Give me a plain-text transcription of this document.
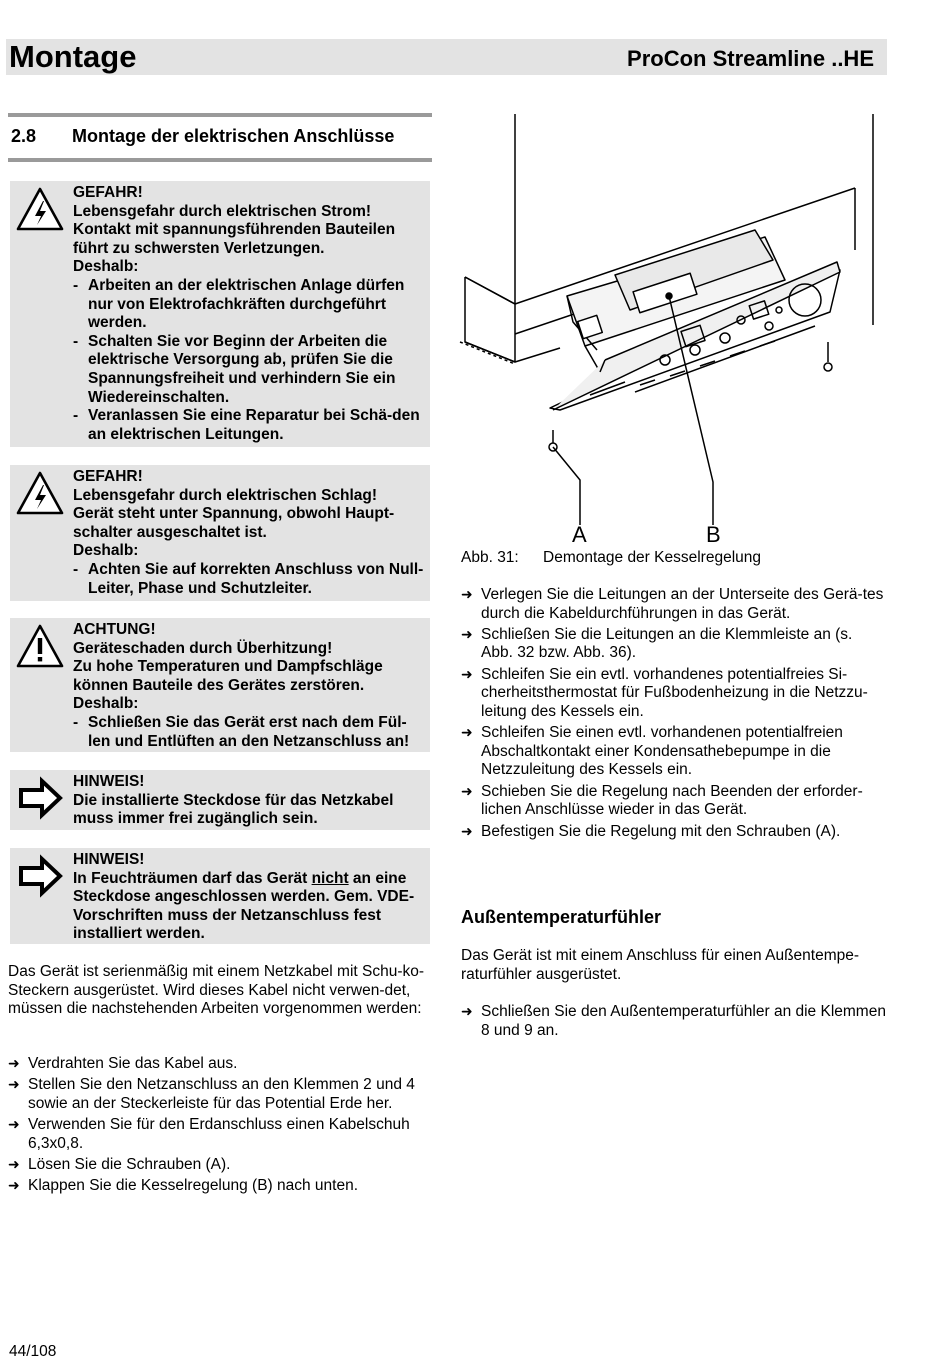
Montage	ProCon Streamline ..HE
2.8 Montage der elektrischen Anschlüsse
GEFAHR!
Lebensgefahr durch elektrischen Strom!
Kontakt mit spannungsführenden Bauteilen
führt zu schwersten Verletzungen.
Deshalb:
- Arbeiten an der elektrischen Anlage dürfen nur von Elektrofachkräften durchgeführt werden.
- Schalten Sie vor Beginn der Arbeiten die elektrische Versorgung ab, prüfen Sie die Spannungsfreiheit und verhindern Sie ein Wiedereinschalten.
- Veranlassen Sie eine Reparatur bei Schä-den an elektrischen Leitungen.
GEFAHR!
Lebensgefahr durch elektrischen Schlag!
Gerät steht unter Spannung, obwohl Haupt-
schalter ausgeschaltet ist.
Deshalb:
- Achten Sie auf korrekten Anschluss von Null-Leiter, Phase und Schutzleiter.
ACHTUNG!
Geräteschaden durch Überhitzung!
Zu hohe Temperaturen und Dampfschläge
können Bauteile des Gerätes zerstören.
Deshalb:
- Schließen Sie das Gerät erst nach dem Fül-len und Entlüften an den Netzanschluss an!
HINWEIS!
Die installierte Steckdose für das Netzkabel
muss immer frei zugänglich sein.
HINWEIS!
In Feuchträumen darf das Gerät nicht an eine Steckdose angeschlossen werden. Gem. VDE-Vorschriften muss der Netzanschluss fest installiert werden.
Das Gerät ist serienmäßig mit einem Netzkabel mit Schu-ko-Steckern ausgerüstet. Wird dieses Kabel nicht verwen-det, müssen die nachstehenden Arbeiten vorgenommen werden:
➜ Verdrahten Sie das Kabel aus.
➜ Stellen Sie den Netzanschluss an den Klemmen 2 und 4 sowie an der Steckerleiste für das Potential Erde her.
➜ Verwenden Sie für den Erdanschluss einen Kabelschuh 6,3x0,8.
➜ Lösen Sie die Schrauben (A).
➜ Klappen Sie die Kesselregelung (B) nach unten.
A	B
Abb. 31: Demontage der Kesselregelung
➜ Verlegen Sie die Leitungen an der Unterseite des Gerä-tes durch die Kabeldurchführungen in das Gerät.
➜ Schließen Sie die Leitungen an die Klemmleiste an (s. Abb. 32 bzw. Abb. 36).
➜ Schleifen Sie ein evtl. vorhandenes potentialfreies Si-cherheitsthermostat für Fußbodenheizung in die Netzzu-leitung des Kessels ein.
➜ Schleifen Sie einen evtl. vorhandenen potentialfreien Abschaltkontakt einer Kondensathebepumpe in die Netzzuleitung des Kessels ein.
➜ Schieben Sie die Regelung nach Beenden der erforder-lichen Anschlüsse wieder in das Gerät.
➜ Befestigen Sie die Regelung mit den Schrauben (A).
Außentemperaturfühler
Das Gerät ist mit einem Anschluss für einen Außentempe-raturfühler ausgerüstet.
➜ Schließen Sie den Außentemperaturfühler an die Klemmen 8 und 9 an.
44/108
